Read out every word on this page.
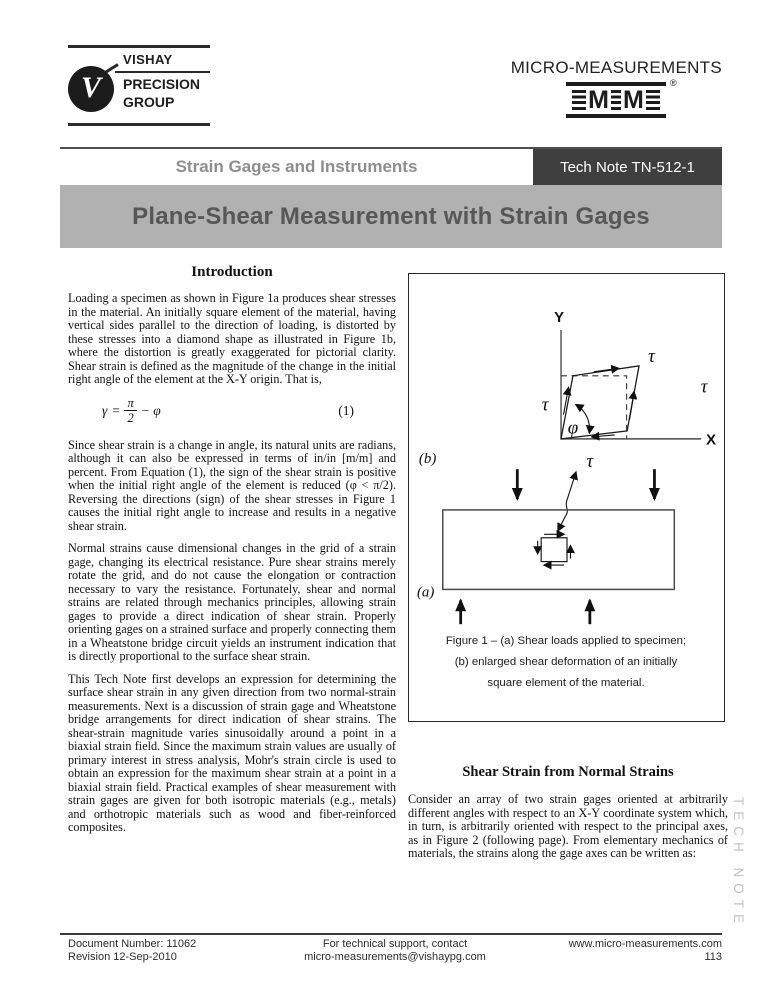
VISHAY
V PRECISION
GROUP
MICRO-MEASUREMENTS
M M
®
Strain Gages and Instruments	Tech Note TN-512-1
Plane-Shear Measurement with Strain Gages
Introduction

Loading a specimen as shown in Figure 1a produces shear stresses in the material. An initially square element of the material, having vertical sides parallel to the direction of loading, is distorted by these stresses into a diamond shape as illustrated in Figure 1b, where the distortion is greatly exaggerated for pictorial clarity. Shear strain is defined as the magnitude of the change in the initial right angle of the element at the X-Y origin. That is,

$\gamma = \frac{\pi}{2} - \varphi$	(1)

Since shear strain is a change in angle, its natural units are radians, although it can also be expressed in terms of in/in [m/m] and percent. From Equation (1), the sign of the shear strain is positive when the initial right angle of the element is reduced (φ < π/2). Reversing the directions (sign) of the shear stresses in Figure 1 causes the initial right angle to increase and results in a negative shear strain.

Normal strains cause dimensional changes in the grid of a strain gage, changing its electrical resistance. Pure shear strains merely rotate the grid, and do not cause the elongation or contraction necessary to vary the resistance. Fortunately, shear and normal strains are related through mechanics principles, allowing strain gages to provide a direct indication of shear strain. Properly orienting gages on a strained surface and properly connecting them in a Wheatstone bridge circuit yields an instrument indication that is directly proportional to the surface shear strain.

This Tech Note first develops an expression for determining the surface shear strain in any given direction from two normal-strain measurements. Next is a discussion of strain gage and Wheatstone bridge arrangements for direct indication of shear strains. The shear-strain magnitude varies sinusoidally around a point in a biaxial strain field. Since the maximum strain values are usually of primary interest in stress analysis, Mohr's strain circle is used to obtain an expression for the maximum shear strain at a point in a biaxial strain field. Practical examples of shear measurement with strain gages are given for both isotropic materials (e.g., metals) and orthotropic materials such as wood and fiber-reinforced composites.

Y
X
τ
τ
τ
τ
φ
(b)
(a)
Figure 1 – (a) Shear loads applied to specimen;
(b) enlarged shear deformation of an initially
square element of the material.
Shear Strain from Normal Strains

Consider an array of two strain gages oriented at arbitrarily different angles with respect to an X-Y coordinate system which, in turn, is arbitrarily oriented with respect to the principal axes, as in Figure 2 (following page). From elementary mechanics of materials, the strains along the gage axes can be written as:	TECH NOTE
Document Number: 11062
Revision 12-Sep-2010
For technical support, contact
micro-measurements@vishaypg.com
www.micro-measurements.com
113
